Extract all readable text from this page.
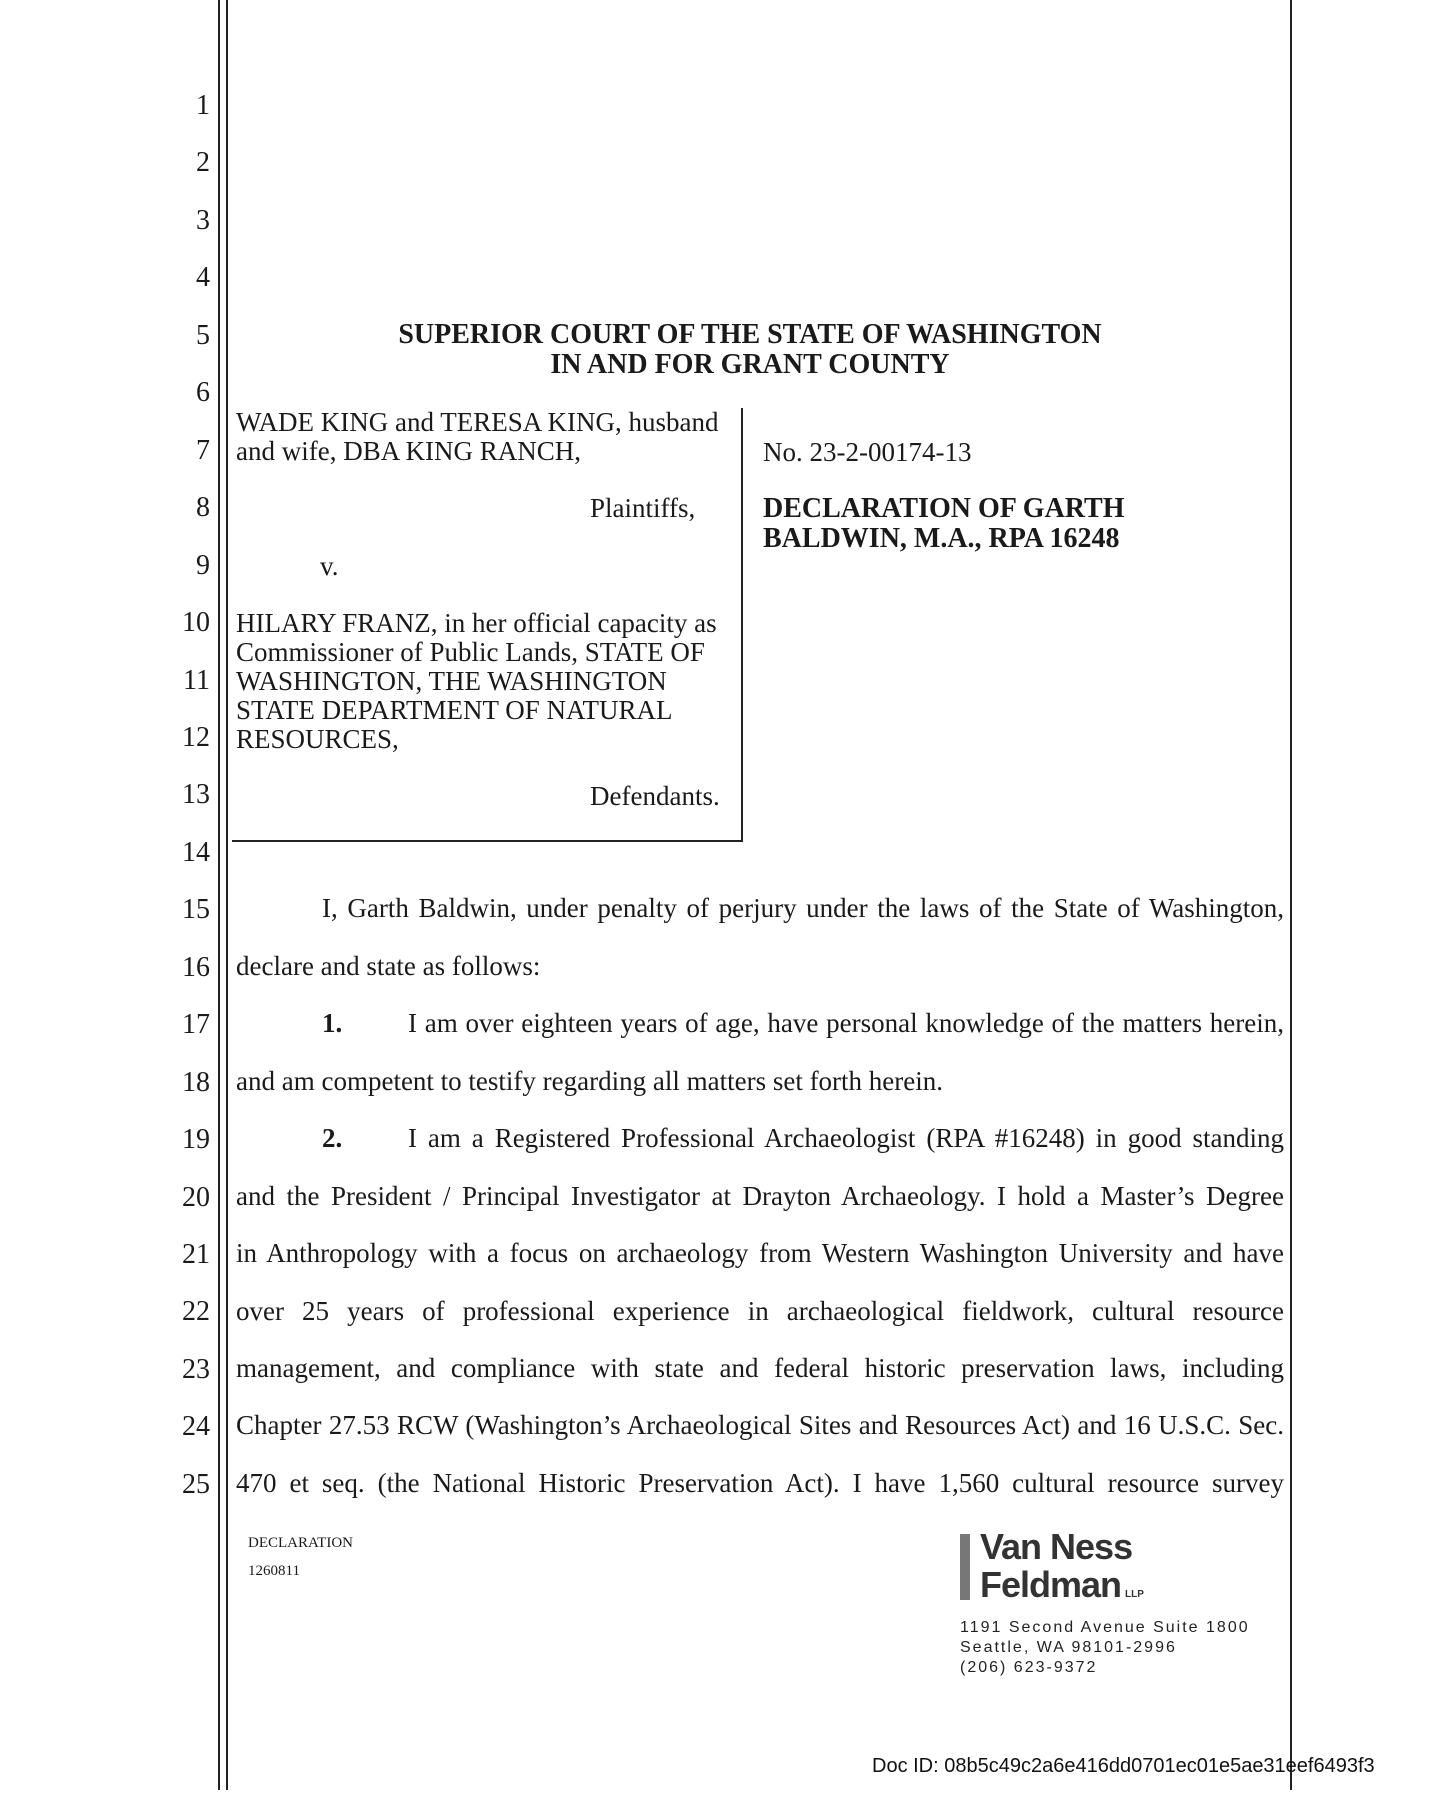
1
2
3
4
5
6
7
8
9
10
11
12
13
14
15
16
17
18
19
20
21
22
23
24
25
SUPERIOR COURT OF THE STATE OF WASHINGTON
IN AND FOR GRANT COUNTY
WADE KING and TERESA KING, husband
and wife, DBA KING RANCH,
Plaintiffs,
v.
HILARY FRANZ, in her official capacity as
Commissioner of Public Lands, STATE OF
WASHINGTON, THE WASHINGTON
STATE DEPARTMENT OF NATURAL
RESOURCES,
Defendants.
No. 23-2-00174-13
DECLARATION OF GARTH
BALDWIN, M.A., RPA 16248
I, Garth Baldwin, under penalty of perjury under the laws of the State of Washington,
declare and state as follows:
1. I am over eighteen years of age, have personal knowledge of the matters herein,
and am competent to testify regarding all matters set forth herein.
2. I am a Registered Professional Archaeologist (RPA #16248) in good standing
and the President / Principal Investigator at Drayton Archaeology. I hold a Master’s Degree
in Anthropology with a focus on archaeology from Western Washington University and have
over 25 years of professional experience in archaeological fieldwork, cultural resource
management, and compliance with state and federal historic preservation laws, including
Chapter 27.53 RCW (Washington’s Archaeological Sites and Resources Act) and 16 U.S.C. Sec.
470 et seq. (the National Historic Preservation Act). I have 1,560 cultural resource survey
DECLARATION
1260811
Van Ness
Feldman LLP
1191 Second Avenue Suite 1800
Seattle, WA 98101-2996
(206) 623-9372
Doc ID: 08b5c49c2a6e416dd0701ec01e5ae31eef6493f3
